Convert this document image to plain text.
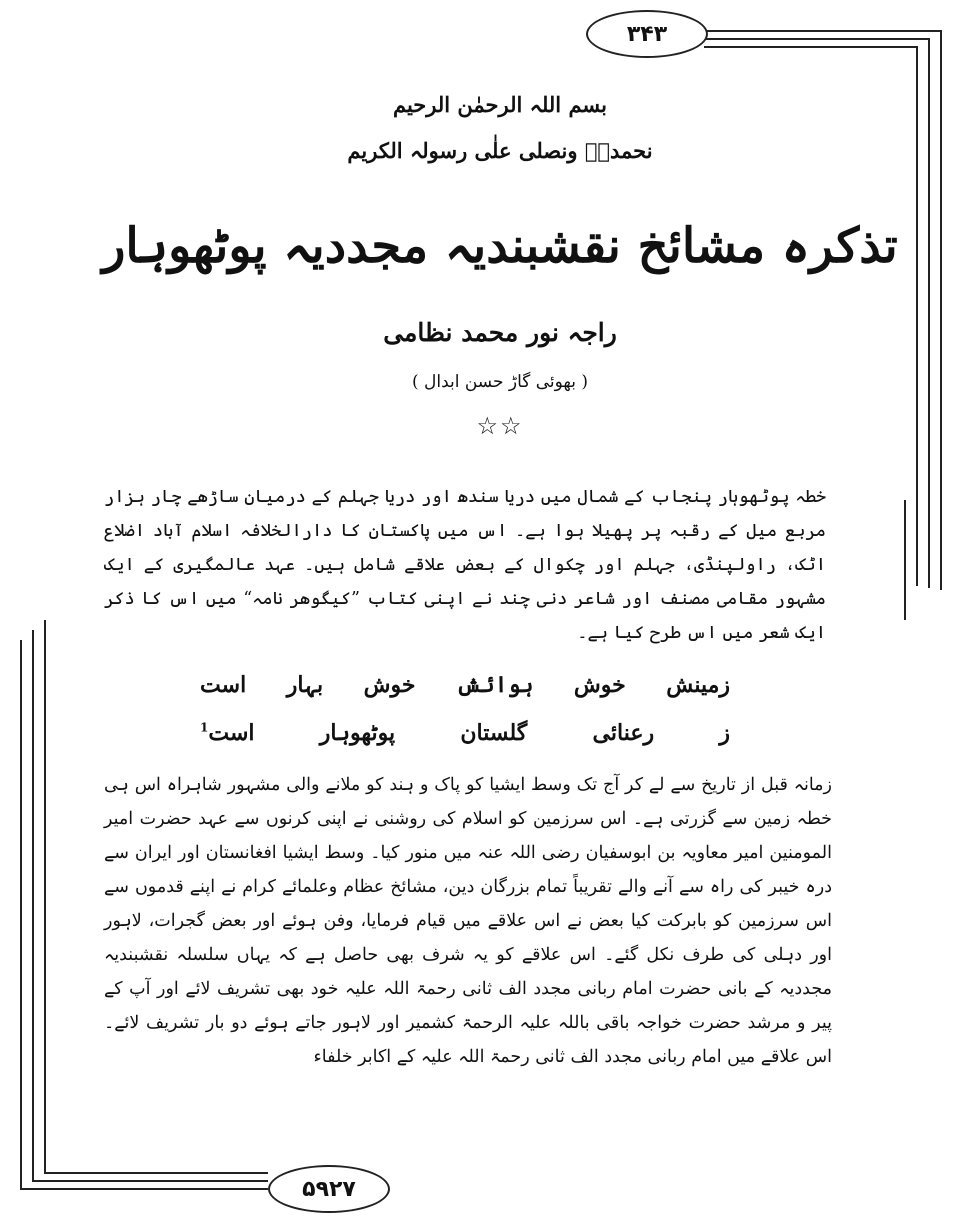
۳۴۳
بسم اللہ الرحمٰن الرحیم
نحمدہٗ ونصلی علٰی رسولہ الکریم
تذکرہ مشائخ نقشبندیہ مجددیہ پوٹھوہار
راجہ نور محمد نظامی
( بھوئی گاڑ حسن ابدال )
☆☆
خطہ پوٹھوہار پنجاب کے شمال میں دریا سندھ اور دریا جہلم کے درمیان ساڑھے چار ہزار مربع میل کے رقبہ پر پھیلا ہوا ہے۔ اس میں پاکستان کا دارالخلافہ اسلام آباد اضلاع اٹک، راولپنڈی، جہلم اور چکوال کے بعض علاقے شامل ہیں۔ عہد عالمگیری کے ایک مشہور مقامی مصنف اور شاعر دنی چند نے اپنی کتاب ”کیگوھر نامہ“ میں اس کا ذکر ایک شعر میں اس طرح کیا ہے۔
زمینش
خوش
ہوائش
خوش
بہار
است
ز
رعنائی
گلستان
پوٹھوہار
است$^1$
زمانہ قبل از تاریخ سے لے کر آج تک وسط ایشیا کو پاک و ہند کو ملانے والی مشہور شاہراہ اس ہی خطہ زمین سے گزرتی ہے۔ اس سرزمین کو اسلام کی روشنی نے اپنی کرنوں سے عہد حضرت امیر المومنین امیر معاویہ بن ابوسفیان رضی اللہ عنہ میں منور کیا۔ وسط ایشیا افغانستان اور ایران سے درہ خیبر کی راہ سے آنے والے تقریباً تمام بزرگان دین، مشائخ عظام وعلمائے کرام نے اپنے قدموں سے اس سرزمین کو بابرکت کیا بعض نے اس علاقے میں قیام فرمایا، وفن ہوئے اور بعض گجرات، لاہور اور دہلی کی طرف نکل گئے۔ اس علاقے کو یہ شرف بھی حاصل ہے کہ یہاں سلسلہ نقشبندیہ مجددیہ کے بانی حضرت امام ربانی مجدد الف ثانی رحمۃ اللہ علیہ خود بھی تشریف لائے اور آپ کے پیر و مرشد حضرت خواجہ باقی باللہ علیہ الرحمۃ کشمیر اور لاہور جاتے ہوئے دو بار تشریف لائے۔ اس علاقے میں امام ربانی مجدد الف ثانی رحمۃ اللہ علیہ کے اکابر خلفاء
۵۹۲۷
